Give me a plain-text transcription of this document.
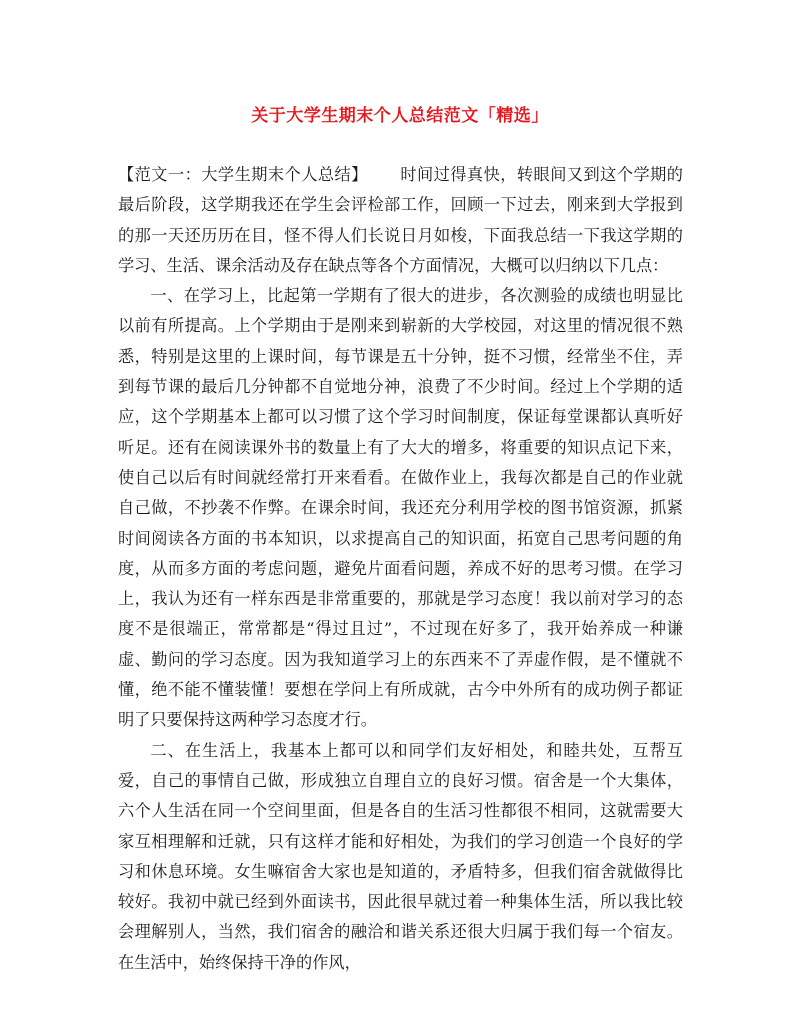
关于大学生期末个人总结范文「精选」

【范文一：大学生期末个人总结】 时间过得真快，转眼间又到这个学期的最后阶段，这学期我还在学生会评检部工作，回顾一下过去，刚来到大学报到的那一天还历历在目，怪不得人们长说日月如梭，下面我总结一下我这学期的学习、生活、课余活动及存在缺点等各个方面情况，大概可以归纳以下几点：

一、在学习上，比起第一学期有了很大的进步，各次测验的成绩也明显比以前有所提高。上个学期由于是刚来到崭新的大学校园，对这里的情况很不熟悉，特别是这里的上课时间，每节课是五十分钟，挺不习惯，经常坐不住，弄到每节课的最后几分钟都不自觉地分神，浪费了不少时间。经过上个学期的适应，这个学期基本上都可以习惯了这个学习时间制度，保证每堂课都认真听好听足。还有在阅读课外书的数量上有了大大的增多，将重要的知识点记下来，使自己以后有时间就经常打开来看看。在做作业上，我每次都是自己的作业就自己做，不抄袭不作弊。在课余时间，我还充分利用学校的图书馆资源，抓紧时间阅读各方面的书本知识，以求提高自己的知识面，拓宽自己思考问题的角度，从而多方面的考虑问题，避免片面看问题，养成不好的思考习惯。在学习上，我认为还有一样东西是非常重要的，那就是学习态度！我以前对学习的态度不是很端正，常常都是“得过且过”，不过现在好多了，我开始养成一种谦虚、勤问的学习态度。因为我知道学习上的东西来不了弄虚作假，是不懂就不懂，绝不能不懂装懂！要想在学问上有所成就，古今中外所有的成功例子都证明了只要保持这两种学习态度才行。

二、在生活上，我基本上都可以和同学们友好相处，和睦共处，互帮互爱，自己的事情自己做，形成独立自理自立的良好习惯。宿舍是一个大集体，六个人生活在同一个空间里面，但是各自的生活习性都很不相同，这就需要大家互相理解和迁就，只有这样才能和好相处，为我们的学习创造一个良好的学习和休息环境。女生嘛宿舍大家也是知道的，矛盾特多，但我们宿舍就做得比较好。我初中就已经到外面读书，因此很早就过着一种集体生活，所以我比较会理解别人，当然，我们宿舍的融洽和谐关系还很大归属于我们每一个宿友。在生活中，始终保持干净的作风，
